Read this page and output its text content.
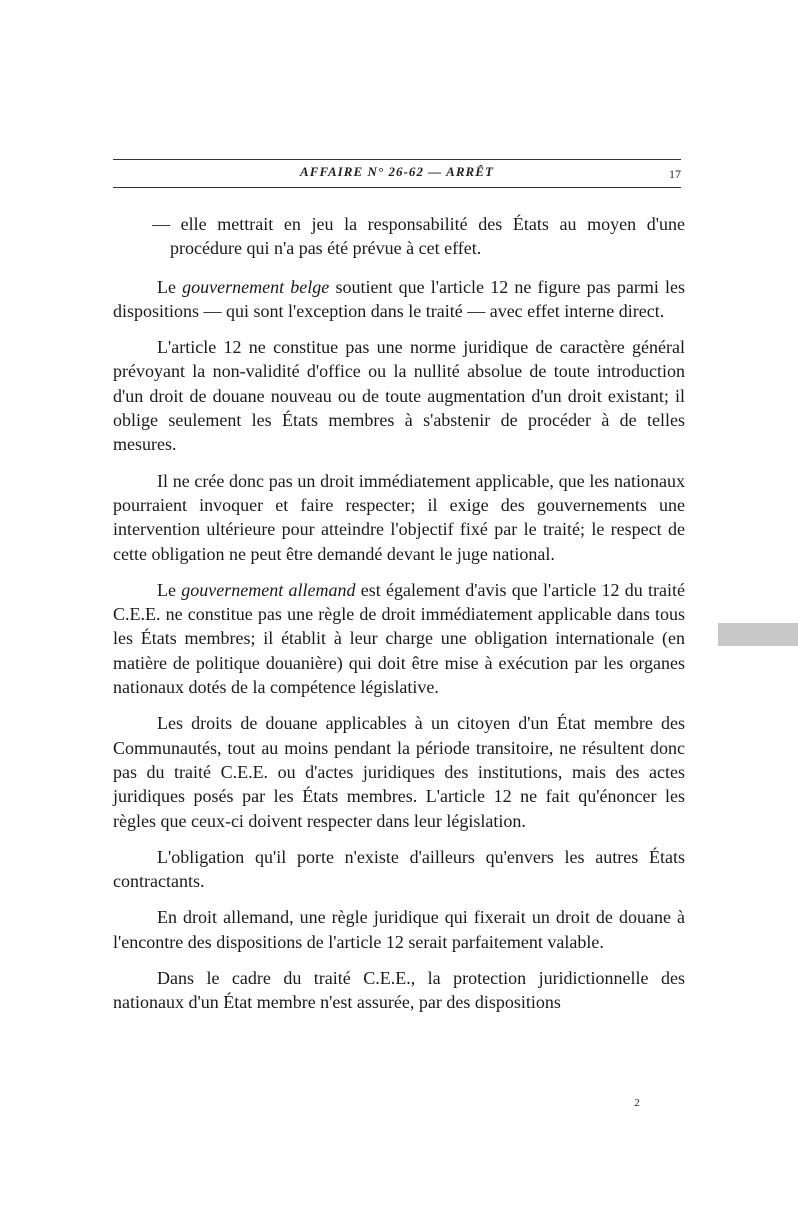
AFFAIRE N° 26-62 — ARRÊT	17

— elle mettrait en jeu la responsabilité des États au moyen d'une procédure qui n'a pas été prévue à cet effet.

Le gouvernement belge soutient que l'article 12 ne figure pas parmi les dispositions — qui sont l'exception dans le traité — avec effet interne direct.

L'article 12 ne constitue pas une norme juridique de caractère général prévoyant la non-validité d'office ou la nullité absolue de toute introduction d'un droit de douane nouveau ou de toute augmentation d'un droit existant; il oblige seulement les États membres à s'abstenir de procéder à de telles mesures.

Il ne crée donc pas un droit immédiatement applicable, que les nationaux pourraient invoquer et faire respecter; il exige des gouvernements une intervention ultérieure pour atteindre l'objectif fixé par le traité; le respect de cette obligation ne peut être demandé devant le juge national.

Le gouvernement allemand est également d'avis que l'article 12 du traité C.E.E. ne constitue pas une règle de droit immédiatement applicable dans tous les États membres; il établit à leur charge une obligation internationale (en matière de politique douanière) qui doit être mise à exécution par les organes nationaux dotés de la compétence législative.

Les droits de douane applicables à un citoyen d'un État membre des Communautés, tout au moins pendant la période transitoire, ne résultent donc pas du traité C.E.E. ou d'actes juridiques des institutions, mais des actes juridiques posés par les États membres. L'article 12 ne fait qu'énoncer les règles que ceux-ci doivent respecter dans leur législation.

L'obligation qu'il porte n'existe d'ailleurs qu'envers les autres États contractants.

En droit allemand, une règle juridique qui fixerait un droit de douane à l'encontre des dispositions de l'article 12 serait parfaitement valable.

Dans le cadre du traité C.E.E., la protection juridictionnelle des nationaux d'un État membre n'est assurée, par des dispositions

2
